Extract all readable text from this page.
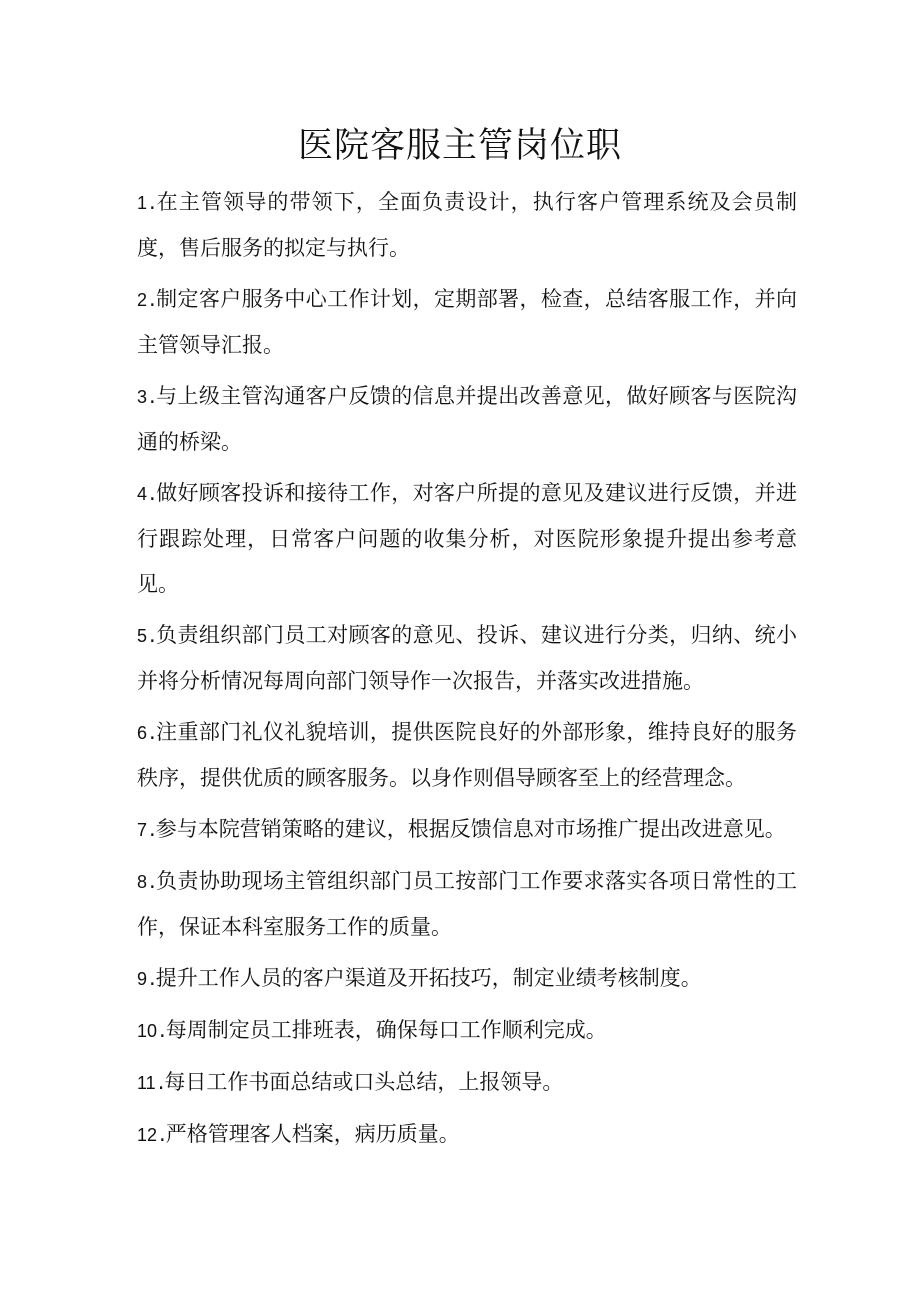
医院客服主管岗位职

1.在主管领导的带领下，全面负责设计，执行客户管理系统及会员制度，售后服务的拟定与执行。

2.制定客户服务中心工作计划，定期部署，检查，总结客服工作，并向主管领导汇报。

3.与上级主管沟通客户反馈的信息并提出改善意见，做好顾客与医院沟通的桥梁。

4.做好顾客投诉和接待工作，对客户所提的意见及建议进行反馈，并进行跟踪处理，日常客户问题的收集分析，对医院形象提升提出参考意见。

5.负责组织部门员工对顾客的意见、投诉、建议进行分类，归纳、统小并将分析情况每周向部门领导作一次报告，并落实改进措施。

6.注重部门礼仪礼貌培训，提供医院良好的外部形象，维持良好的服务秩序，提供优质的顾客服务。以身作则倡导顾客至上的经营理念。

7.参与本院营销策略的建议，根据反馈信息对市场推广提出改进意见。

8.负责协助现场主管组织部门员工按部门工作要求落实各项日常性的工作，保证本科室服务工作的质量。

9.提升工作人员的客户渠道及开拓技巧，制定业绩考核制度。

10.每周制定员工排班表，确保每口工作顺利完成。

11.每日工作书面总结或口头总结，上报领导。

12.严格管理客人档案，病历质量。
